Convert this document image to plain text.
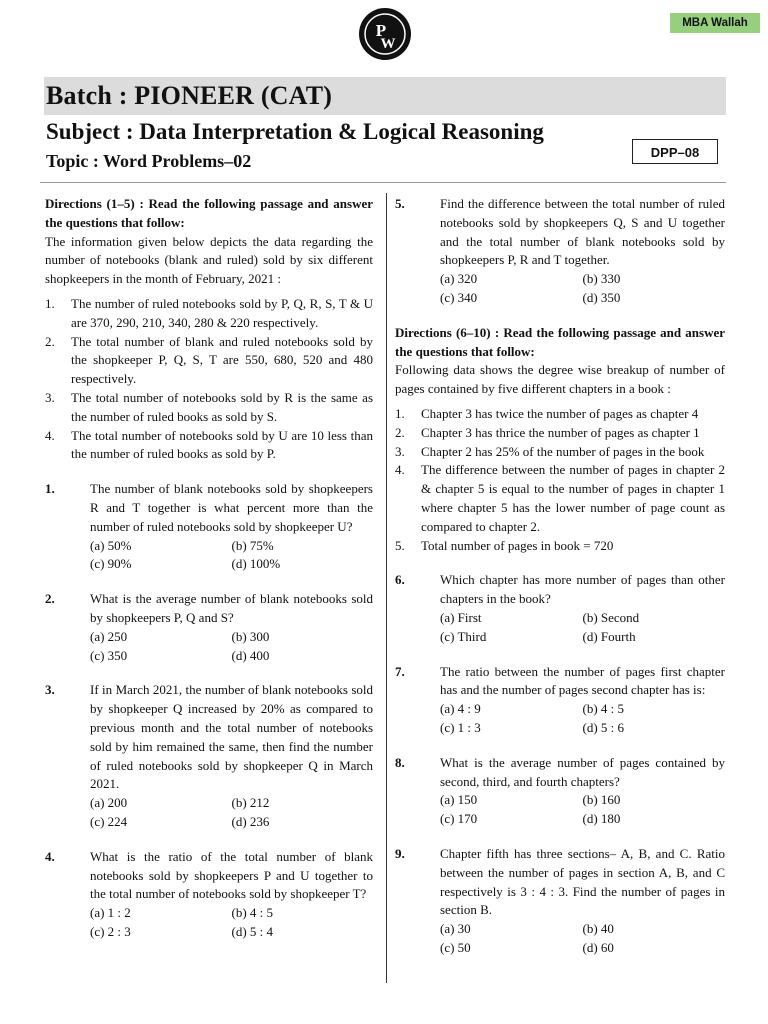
P
W
MBA Wallah
Batch : PIONEER (CAT)
Subject : Data Interpretation & Logical Reasoning
Topic : Word Problems–02	DPP–08
Directions (1–5) : Read the following passage and answer the questions that follow:
The information given below depicts the data regarding the number of notebooks (blank and ruled) sold by six different shopkeepers in the month of February, 2021 :
1.	The number of ruled notebooks sold by P, Q, R, S, T & U are 370, 290, 210, 340, 280 & 220 respectively.
2.	The total number of blank and ruled notebooks sold by the shopkeeper P, Q, S, T are 550, 680, 520 and 480 respectively.
3.	The total number of notebooks sold by R is the same as the number of ruled books as sold by S.
4.	The total number of notebooks sold by U are 10 less than the number of ruled books as sold by P.
1.	The number of blank notebooks sold by shopkeepers R and T together is what percent more than the number of ruled notebooks sold by shopkeeper U?
(a) 50%	(b) 75%
(c) 90%	(d) 100%
2.	What is the average number of blank notebooks sold by shopkeepers P, Q and S?
(a) 250	(b) 300
(c) 350	(d) 400
3.	If in March 2021, the number of blank notebooks sold by shopkeeper Q increased by 20% as compared to previous month and the total number of notebooks sold by him remained the same, then find the number of ruled notebooks sold by shopkeeper Q in March 2021.
(a) 200	(b) 212
(c) 224	(d) 236
4.	What is the ratio of the total number of blank notebooks sold by shopkeepers P and U together to the total number of notebooks sold by shopkeeper T?
(a) 1 : 2	(b) 4 : 5
(c) 2 : 3	(d) 5 : 4
5.	Find the difference between the total number of ruled notebooks sold by shopkeepers Q, S and U together and the total number of blank notebooks sold by shopkeepers P, R and T together.
(a) 320	(b) 330
(c) 340	(d) 350
Directions (6–10) : Read the following passage and answer the questions that follow:
Following data shows the degree wise breakup of number of pages contained by five different chapters in a book :
1.	Chapter 3 has twice the number of pages as chapter 4
2.	Chapter 3 has thrice the number of pages as chapter 1
3.	Chapter 2 has 25% of the number of pages in the book
4.	The difference between the number of pages in chapter 2 & chapter 5 is equal to the number of pages in chapter 1 where chapter 5 has the lower number of page count as compared to chapter 2.
5.	Total number of pages in book = 720
6.	Which chapter has more number of pages than other chapters in the book?
(a) First	(b) Second
(c) Third	(d) Fourth
7.	The ratio between the number of pages first chapter has and the number of pages second chapter has is:
(a) 4 : 9	(b) 4 : 5
(c) 1 : 3	(d) 5 : 6
8.	What is the average number of pages contained by second, third, and fourth chapters?
(a) 150	(b) 160
(c) 170	(d) 180
9.	Chapter fifth has three sections– A, B, and C. Ratio between the number of pages in section A, B, and C respectively is 3 : 4 : 3. Find the number of pages in section B.
(a) 30	(b) 40
(c) 50	(d) 60
